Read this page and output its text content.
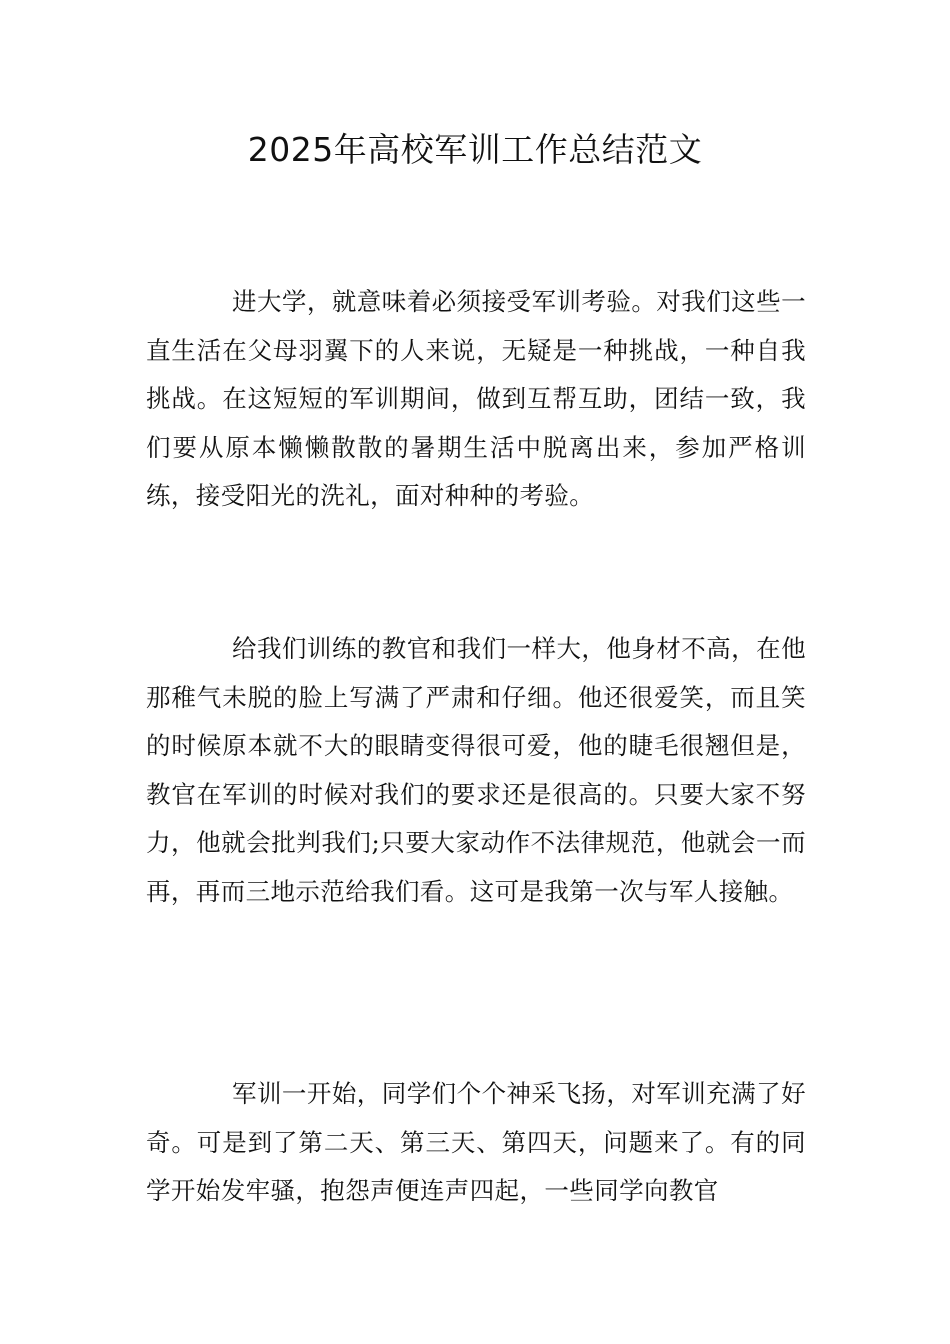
2025年高校军训工作总结范文

进大学，就意味着必须接受军训考验。对我们这些一直生活在父母羽翼下的人来说，无疑是一种挑战，一种自我挑战。在这短短的军训期间，做到互帮互助，团结一致，我们要从原本懒懒散散的暑期生活中脱离出来，参加严格训练，接受阳光的洗礼，面对种种的考验。

给我们训练的教官和我们一样大，他身材不高，在他那稚气未脱的脸上写满了严肃和仔细。他还很爱笑，而且笑的时候原本就不大的眼睛变得很可爱，他的睫毛很翘但是，教官在军训的时候对我们的要求还是很高的。只要大家不努力，他就会批判我们;只要大家动作不法律规范，他就会一而再，再而三地示范给我们看。这可是我第一次与军人接触。

军训一开始，同学们个个神采飞扬，对军训充满了好奇。可是到了第二天、第三天、第四天，问题来了。有的同学开始发牢骚，抱怨声便连声四起，一些同学向教官
